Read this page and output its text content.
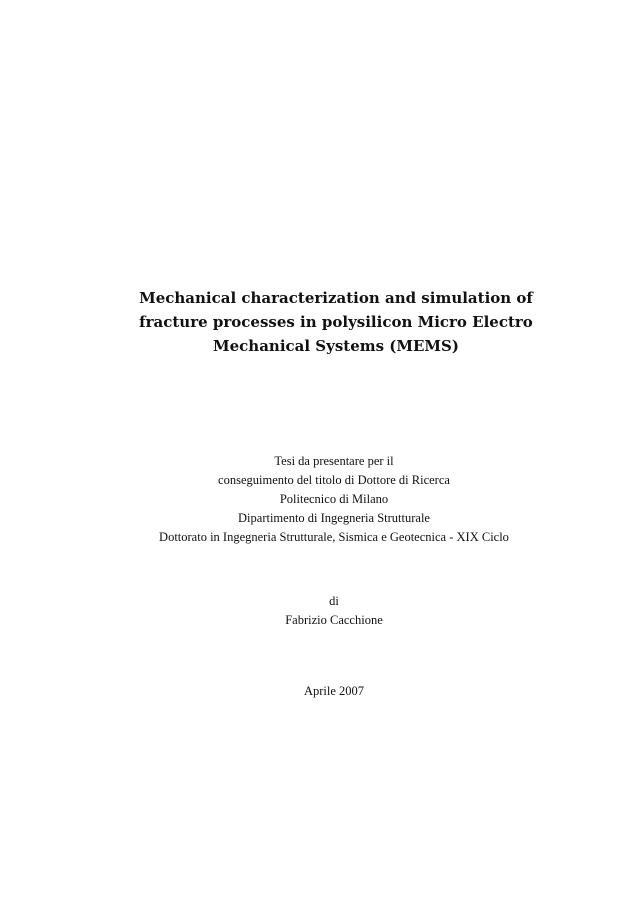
Mechanical characterization and simulation of
fracture processes in polysilicon Micro Electro
Mechanical Systems (MEMS)
Tesi da presentare per il
conseguimento del titolo di Dottore di Ricerca
Politecnico di Milano
Dipartimento di Ingegneria Strutturale
Dottorato in Ingegneria Strutturale, Sismica e Geotecnica - XIX Ciclo
di
Fabrizio Cacchione
Aprile 2007
